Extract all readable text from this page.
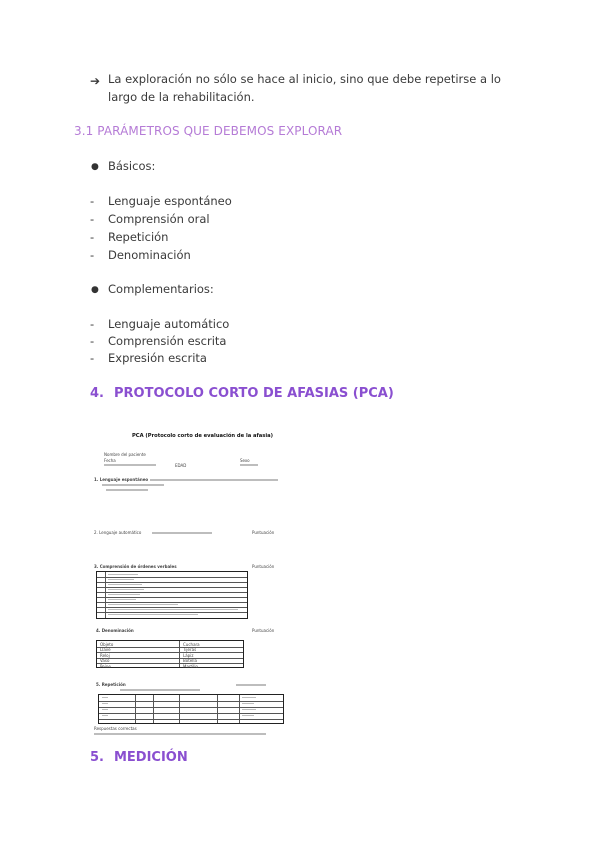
➔ La exploración no sólo se hace al inicio, sino que debe repetirse a lo largo de la rehabilitación.
3.1 PARÁMETROS QUE DEBEMOS EXPLORAR
● Básicos:
- Lenguaje espontáneo
- Comprensión oral
- Repetición
- Denominación
● Complementarios:
- Lenguaje automático
- Comprensión escrita
- Expresión escrita
4. PROTOCOLO CORTO DE AFASIAS (PCA)
PCA (Protocolo corto de evaluación de la afasia)
Nombre del paciente
Fecha
EDAD
Sexo
1. Lenguaje espontáneo
2. Lenguaje automático	Puntuación
3. Comprensión de órdenes verbales	Puntuación
4. Denominación	Puntuación
Objeto	Cuchara
Llave	Tijeras
Reloj	Lápiz
Vaso	Botella
Peine	Martillo
5. Repetición
Respuestas correctas
5. MEDICIÓN
